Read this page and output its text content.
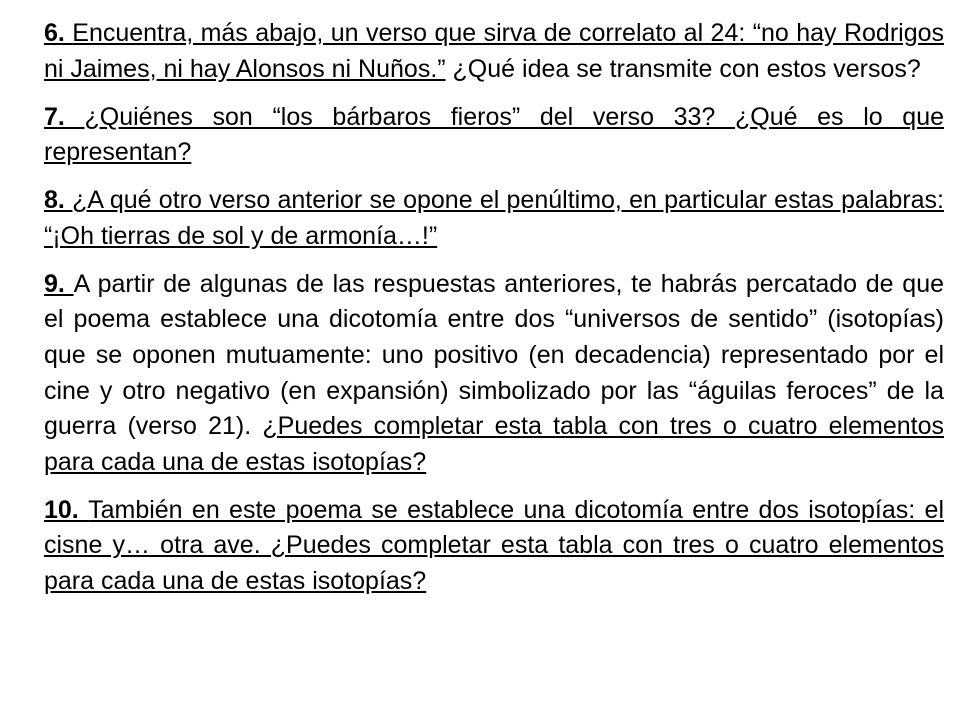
6. Encuentra, más abajo, un verso que sirva de correlato al 24: “no hay Rodrigos ni Jaimes, ni hay Alonsos ni Nuños.” ¿Qué idea se transmite con estos versos?

7. ¿Quiénes son “los bárbaros fieros” del verso 33? ¿Qué es lo que representan?

8. ¿A qué otro verso anterior se opone el penúltimo, en particular estas palabras: “¡Oh tierras de sol y de armonía…!”

9. A partir de algunas de las respuestas anteriores, te habrás percatado de que el poema establece una dicotomía entre dos “universos de sentido” (isotopías) que se oponen mutuamente: uno positivo (en decadencia) representado por el cine y otro negativo (en expansión) simbolizado por las “águilas feroces” de la guerra (verso 21). ¿Puedes completar esta tabla con tres o cuatro elementos para cada una de estas isotopías?

10. También en este poema se establece una dicotomía entre dos isotopías: el cisne y… otra ave. ¿Puedes completar esta tabla con tres o cuatro elementos para cada una de estas isotopías?
